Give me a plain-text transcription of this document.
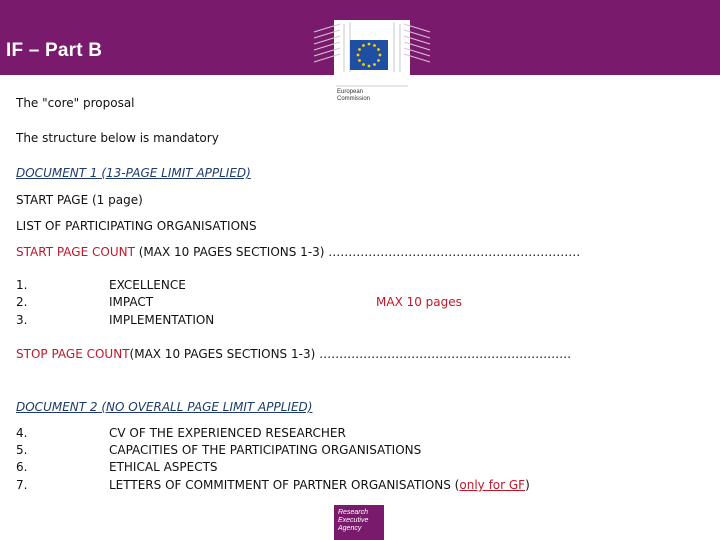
IF – Part B
European
Commission
The "core" proposal
The structure below is mandatory
DOCUMENT 1 (13-PAGE LIMIT APPLIED)
START PAGE (1 page)
LIST OF PARTICIPATING ORGANISATIONS
START PAGE COUNT (MAX 10 PAGES SECTIONS 1-3) ………………………………………………………
1.
2.
3.
EXCELLENCE
IMPACT
IMPLEMENTATION
MAX 10 pages
STOP PAGE COUNT(MAX 10 PAGES SECTIONS 1-3) ………………………………………………………
DOCUMENT 2 (NO OVERALL PAGE LIMIT APPLIED)
4.
5.
6.
7.
CV OF THE EXPERIENCED RESEARCHER
CAPACITIES OF THE PARTICIPATING ORGANISATIONS
ETHICAL ASPECTS
LETTERS OF COMMITMENT OF PARTNER ORGANISATIONS (only for GF)
Research
Executive
Agency
